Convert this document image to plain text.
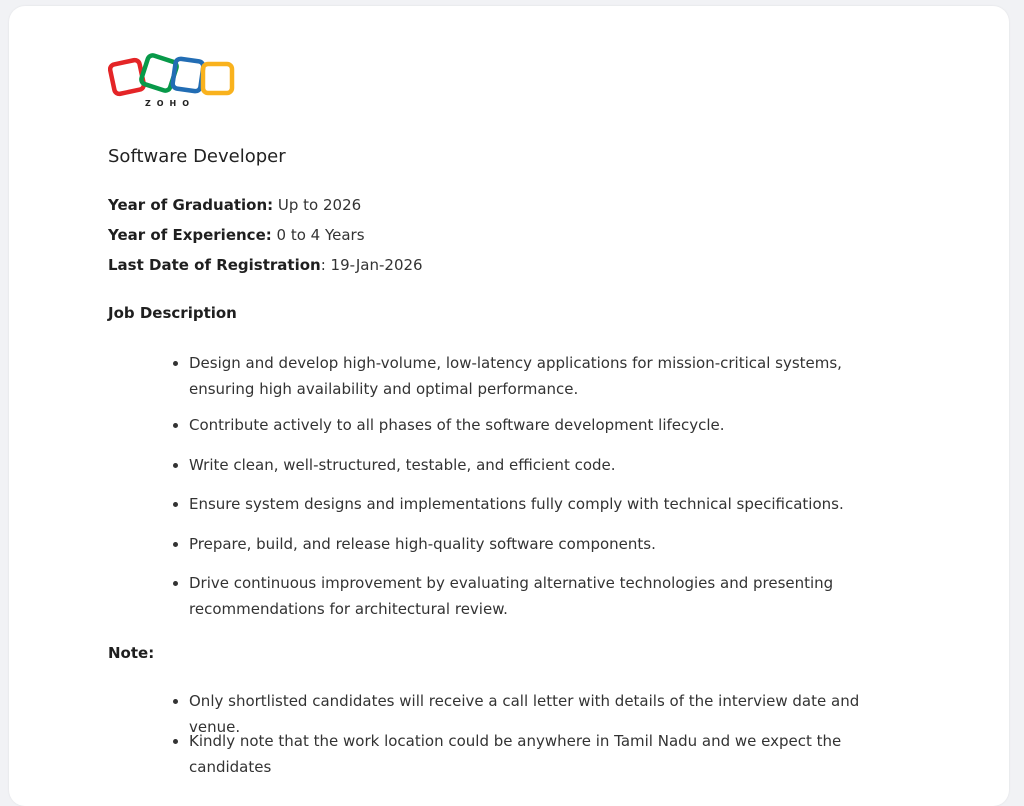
ZOHO
Software Developer
Year of Graduation: Up to 2026
Year of Experience: 0 to 4 Years
Last Date of Registration: 19-Jan-2026
Job Description
• Design and develop high-volume, low-latency applications for mission-critical systems, ensuring high availability and optimal performance.
• Contribute actively to all phases of the software development lifecycle.
• Write clean, well-structured, testable, and efficient code.
• Ensure system designs and implementations fully comply with technical specifications.
• Prepare, build, and release high-quality software components.
• Drive continuous improvement by evaluating alternative technologies and presenting recommendations for architectural review.
Note:
• Only shortlisted candidates will receive a call letter with details of the interview date and venue.
• Kindly note that the work location could be anywhere in Tamil Nadu and we expect the candidates
